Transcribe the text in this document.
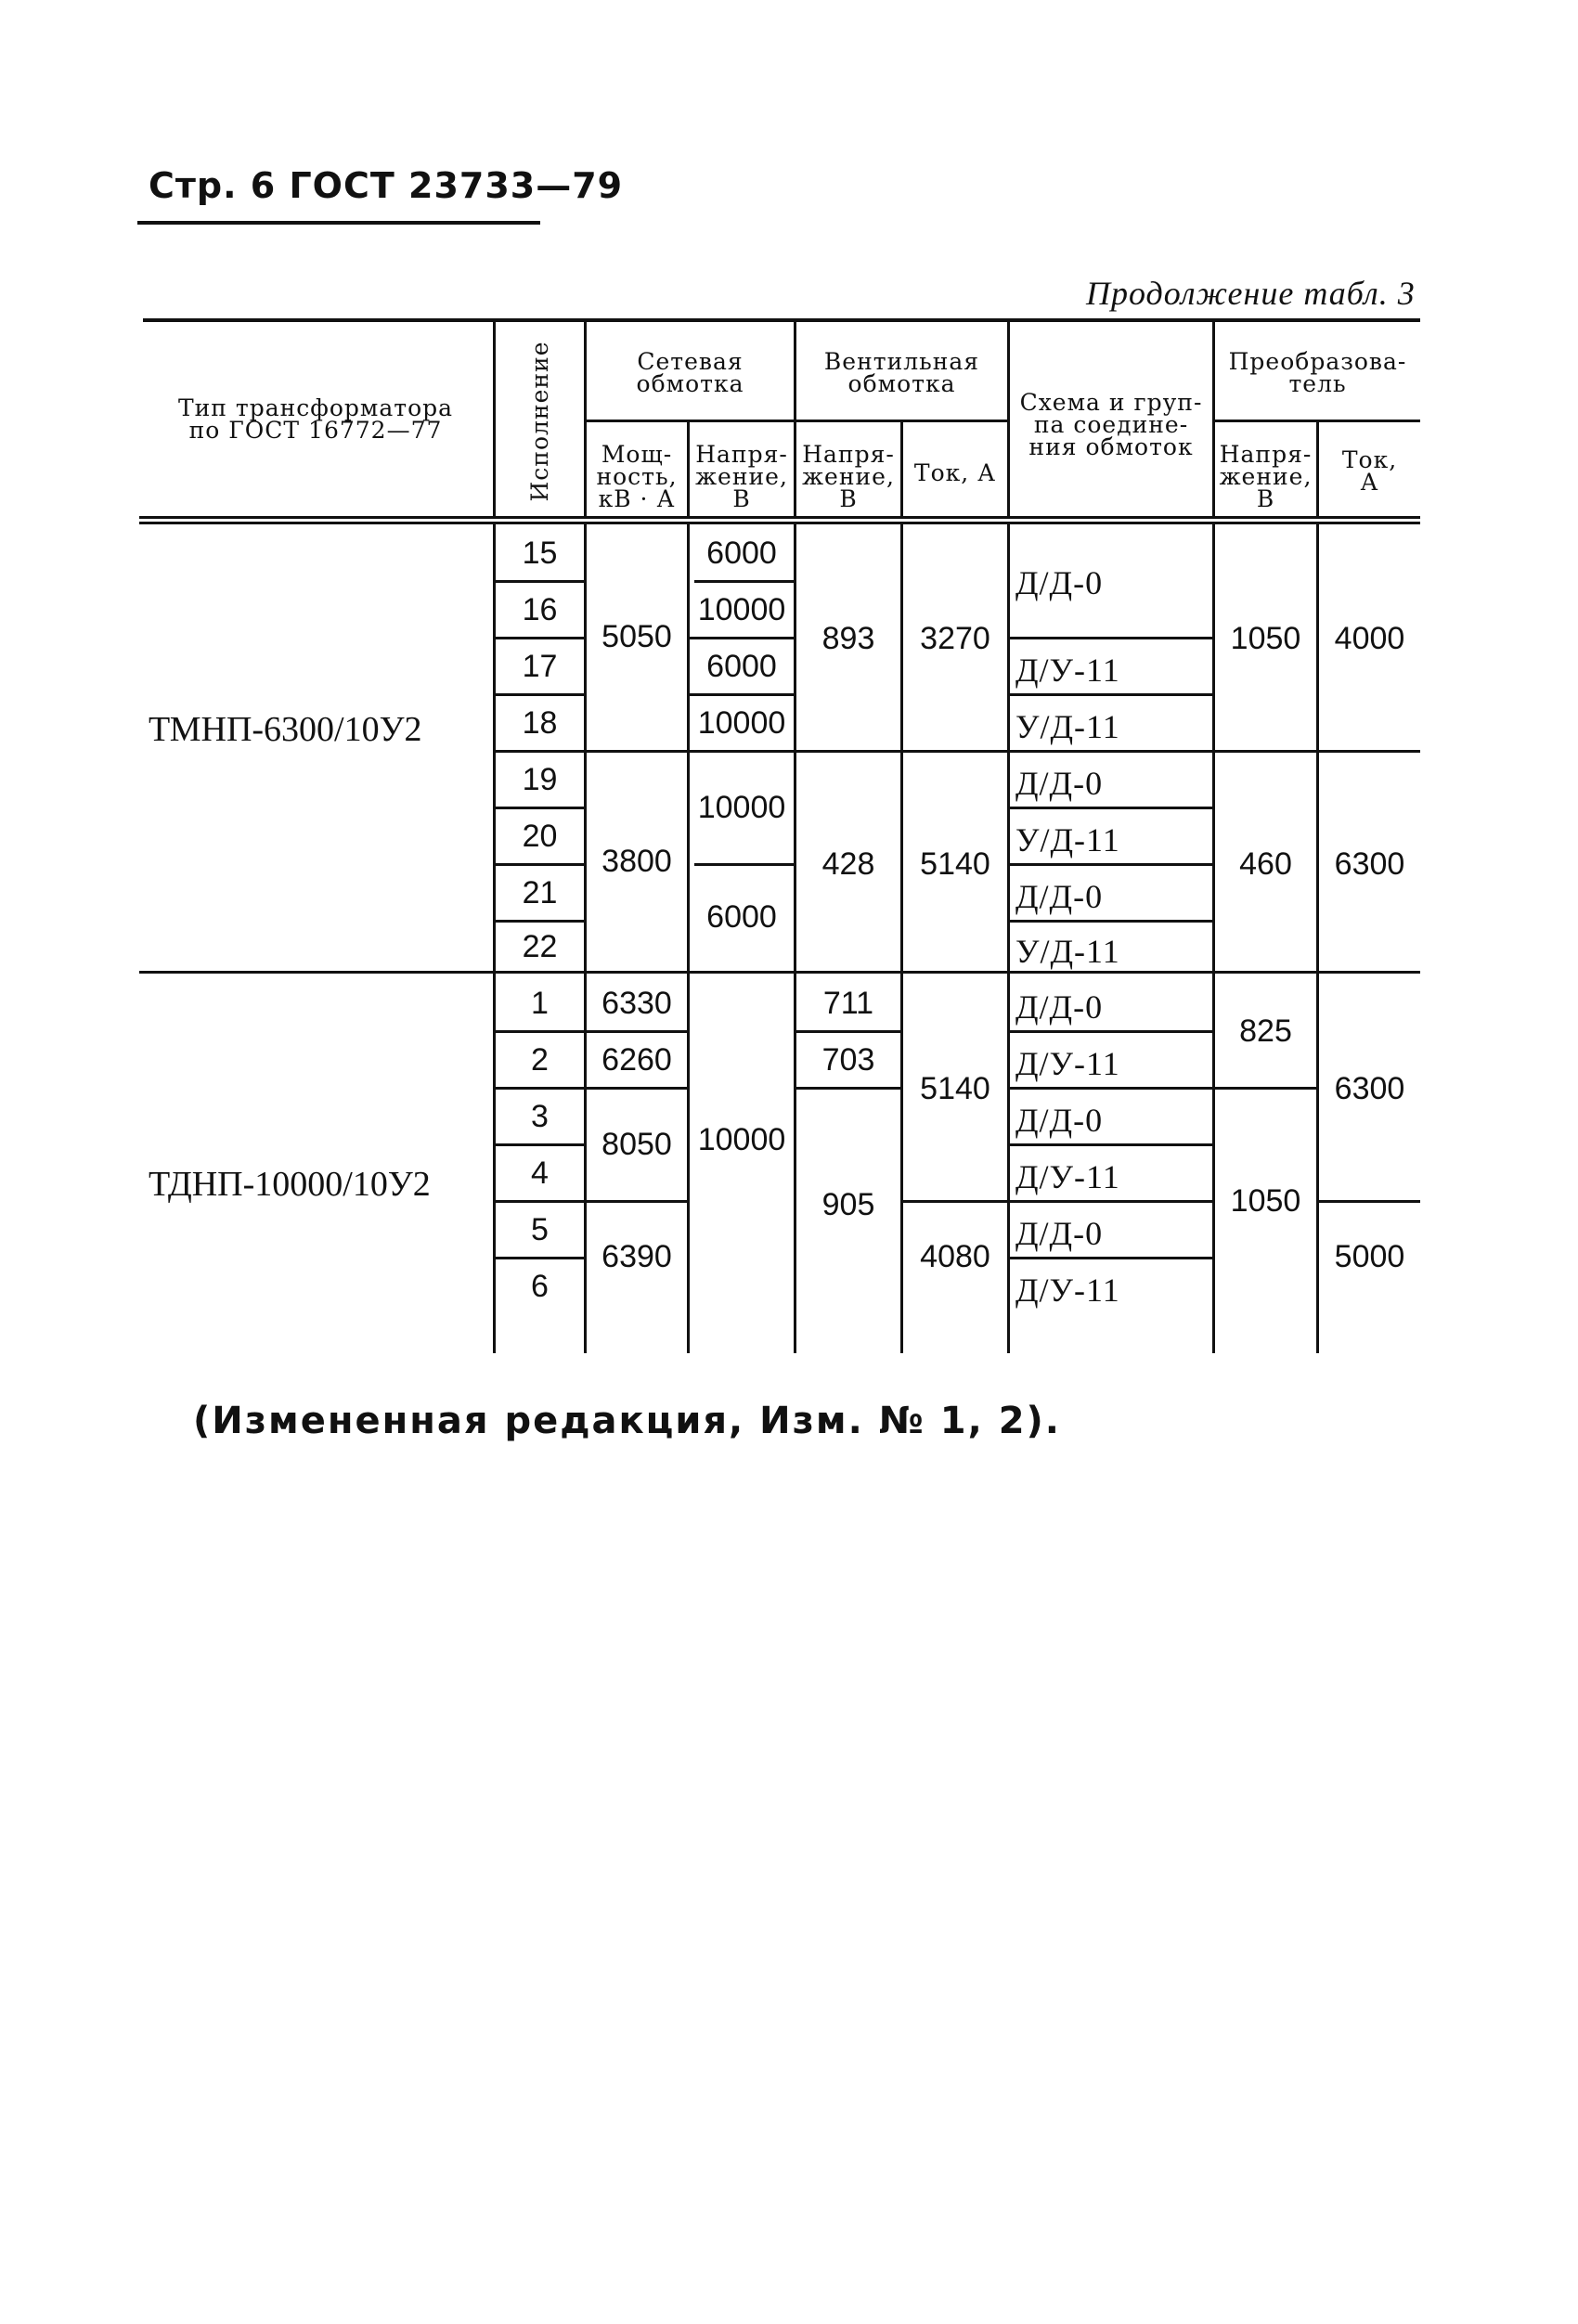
Стр. 6 ГОСТ 23733—79
Продолжение табл. 3
Тип трансформатора
по ГОСТ 16772—77	Исполнение	Сетевая
обмотка
Мощ-
ность,
кВ · А
Напря-
жение,
В
Вентильная
обмотка
Напря-
жение,
В
Ток, А
Схема и груп-
па соедине-
ния обмоток
Преобразова-
тель
Напря-
жение,
В
Ток,
А
ТМНП-6300/10У2
15
16
17
18
19
20
21
22
5050
3800
6000
10000
6000
10000
10000
6000
893
428
3270
5140
Д/Д-0
Д/У-11
У/Д-11
Д/Д-0
У/Д-11
Д/Д-0
У/Д-11
1050
460
4000
6300
ТДНП-10000/10У2
1
2
3
4
5
6
6330
6260
8050
6390
10000
711
703
905
5140
4080
Д/Д-0
Д/У-11
Д/Д-0
Д/У-11
Д/Д-0
Д/У-11
825
1050
6300
5000
(Измененная редакция, Изм. № 1, 2).
